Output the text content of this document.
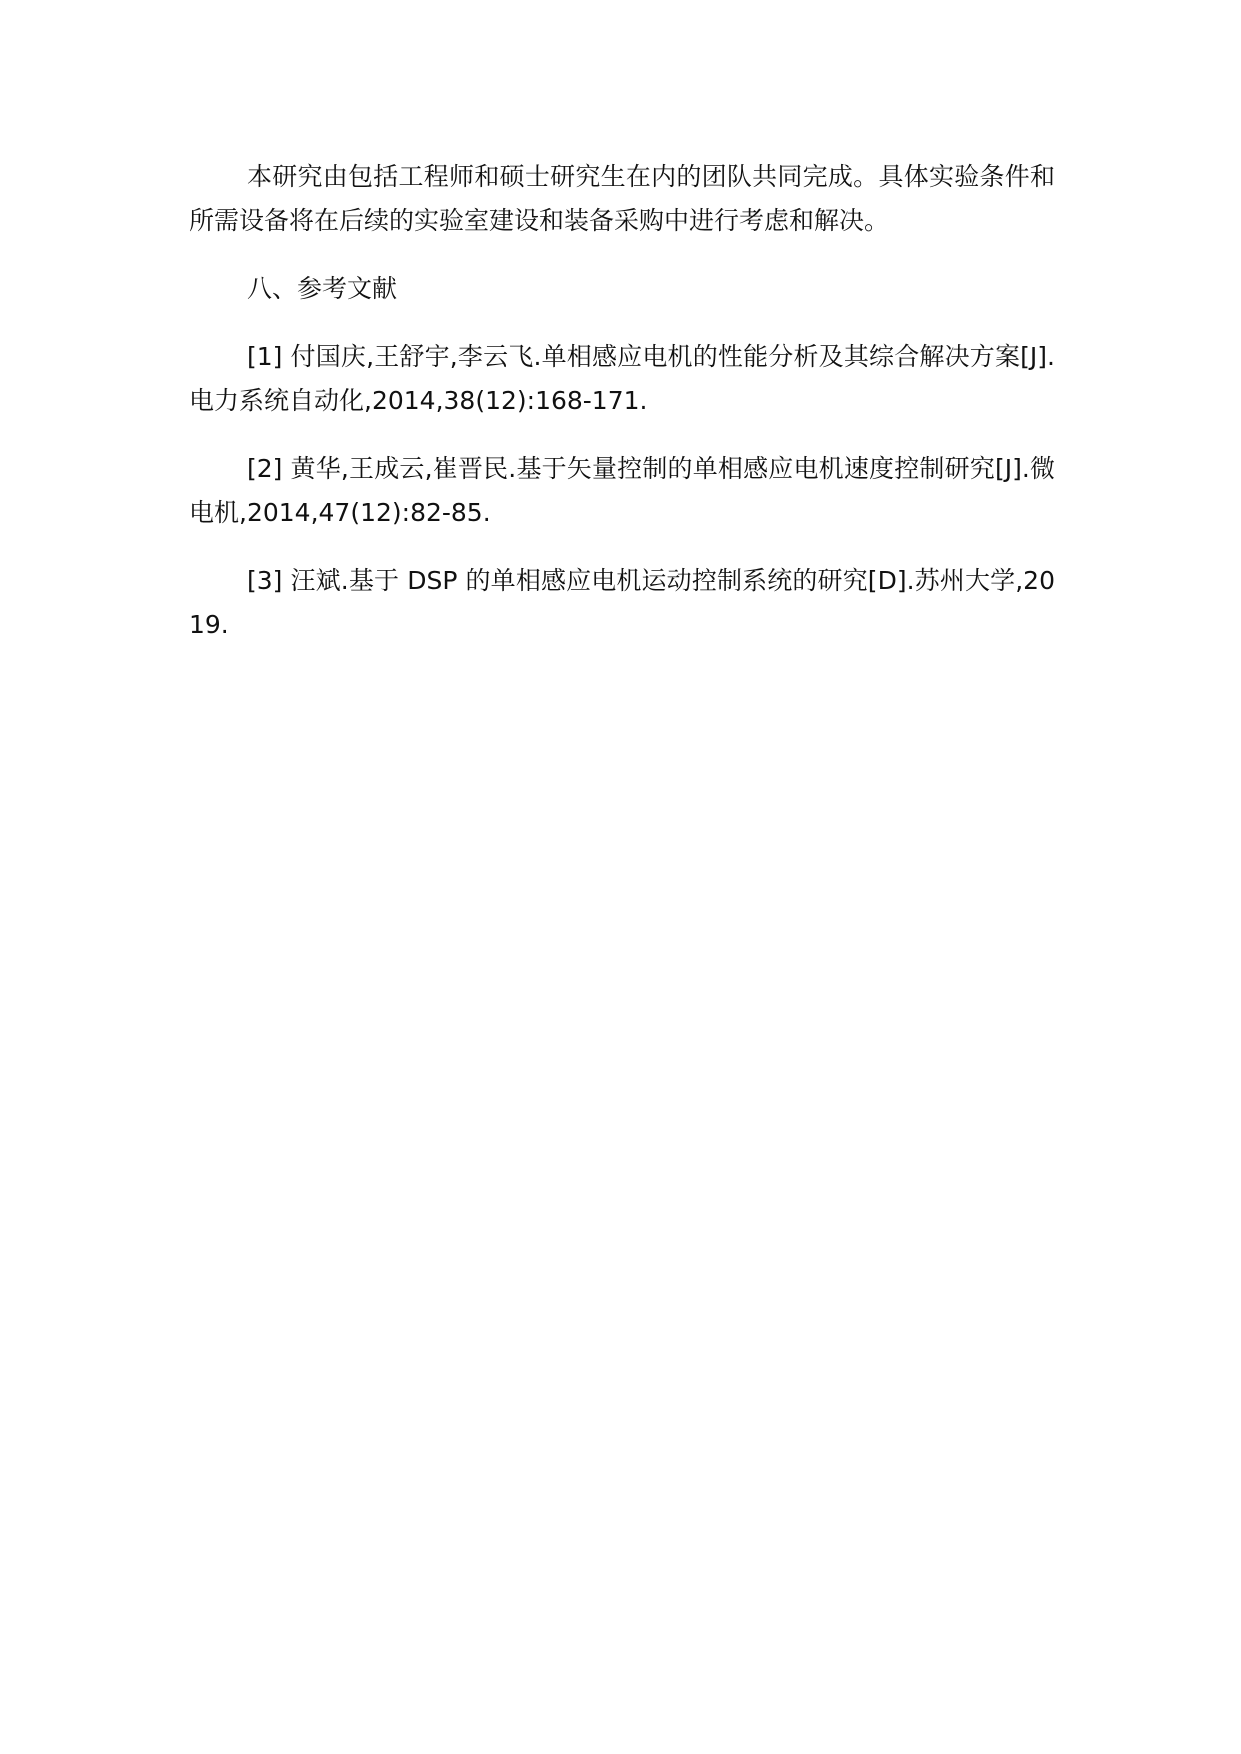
本研究由包括工程师和硕士研究生在内的团队共同完成。具体实验条件和所需设备将在后续的实验室建设和装备采购中进行考虑和解决。

八、参考文献

[1] 付国庆,王舒宇,李云飞.单相感应电机的性能分析及其综合解决方案[J].电力系统自动化,2014,38(12):168-171.

[2] 黄华,王成云,崔晋民.基于矢量控制的单相感应电机速度控制研究[J].微电机,2014,47(12):82-85.

[3] 汪斌.基于 DSP 的单相感应电机运动控制系统的研究[D].苏州大学,2019.
